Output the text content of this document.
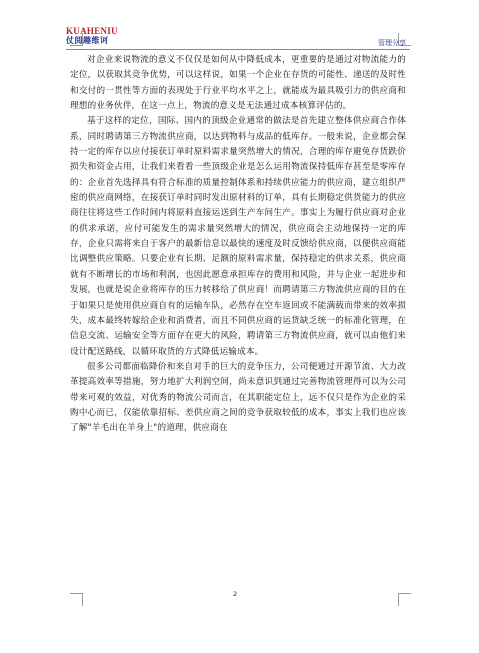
KUAHENIU
仗阅趣维诃	管理分享

对企业来说物流的意义不仅仅是如何从中降低成本，更重要的是通过对物流能力的定位，以获取其竞争优势，可以这样说，如果一个企业在存货的可能性、递送的及时性和交付的一贯性等方面的表现处于行业平均水平之上，就能成为最具吸引力的供应商和理想的业务伙伴，在这一点上，物流的意义是无法通过成本核算评估的。

基于这样的定位，国际、国内的顶级企业通常的做法是首先建立整体供应商合作体系，同时聘请第三方物流供应商，以达到物料与成品的低库存。一般来说，企业都会保持一定的库存以应付接获订单时原料需求量突然增大的情况，合理的库存避免存货跌价损失和资金占用，让我们来看看一些顶级企业是怎么运用物流保持低库存甚至是零库存的：企业首先选择具有符合标准的质量控制体系和持续供应能力的供应商，建立组织严密的供应商网络，在接获订单时同时发出原材料的订单，具有长期稳定供货能力的供应商往往将这些工作时间内将原料直接运送到生产车间生产。事实上为履行供应商对企业的供求承诺，应付可能发生的需求量突然增大的情况，供应商会主动地保持一定的库存，企业只需将来自于客户的最新信息以最快的速度及时反馈给供应商，以便供应商能比调整供应策略。只要企业有长期、足额的原料需求量，保持稳定的供求关系，供应商就有不断增长的市场和利润，也因此愿意承担库存的费用和风险，并与企业一起进步和发展，也就是说企业将库存的压力转移给了供应商！而聘请第三方物流供应商的目的在于如果只是使用供应商自有的运输车队，必然存在空车返回或不能满载而带来的效率损失，成本最终转嫁给企业和消费者，而且不同供应商的运货缺乏统一的标准化管理，在信息交流、运输安全等方面存在更大的风险，聘请第三方物流供应商，就可以由他们来设计配送路线，以循环取货的方式降低运输成本。

很多公司都面临降价和来自对手的巨大的竞争压力，公司便通过开源节流、大力改革提高效率等措施，努力地扩大利润空间，尚未意识到通过完善物流管理得可以为公司带来可观的效益，对优秀的物流公司而言，在其职能定位上，远不仅只是作为企业的采购中心而已，仅能依靠招标、差供应商之间的竞争获取较低的成本，事实上我们也应该了解"羊毛出在羊身上"的道理，供应商在

2
